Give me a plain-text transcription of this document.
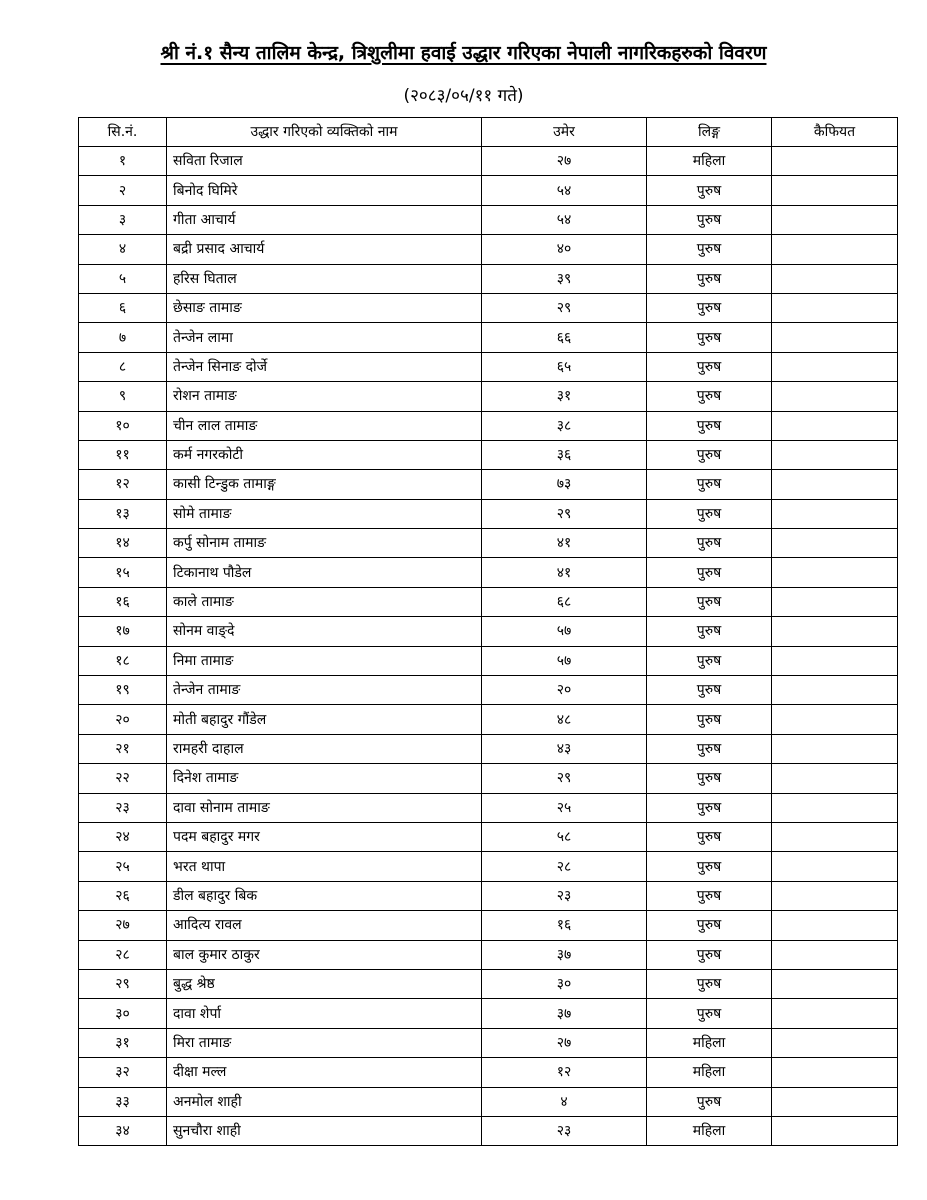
श्री नं.१ सैन्य तालिम केन्द्र, त्रिशुलीमा हवाई उद्धार गरिएका नेपाली नागरिकहरुको विवरण
(२०८३/०५/११ गते)
सि.नं.	उद्धार गरिएको व्यक्तिको नाम	उमेर	लिङ्ग	कैफियत
१	सविता रिजाल	२७	महिला	
२	बिनोद घिमिरे	५४	पुरुष	
३	गीता आचार्य	५४	पुरुष	
४	बद्री प्रसाद आचार्य	४०	पुरुष	
५	हरिस घिताल	३९	पुरुष	
६	छेसाङ तामाङ	२९	पुरुष	
७	तेन्जेन लामा	६६	पुरुष	
८	तेन्जेन सिनाङ दोर्जे	६५	पुरुष	
९	रोशन तामाङ	३१	पुरुष	
१०	चीन लाल तामाङ	३८	पुरुष	
११	कर्म नगरकोटी	३६	पुरुष	
१२	कासी टिन्डुक तामाङ्ग	७३	पुरुष	
१३	सोमे तामाङ	२९	पुरुष	
१४	कर्पु सोनाम तामाङ	४१	पुरुष	
१५	टिकानाथ पौडेल	४१	पुरुष	
१६	काले तामाङ	६८	पुरुष	
१७	सोनम वाङ्दे	५७	पुरुष	
१८	निमा तामाङ	५७	पुरुष	
१९	तेन्जेन तामाङ	२०	पुरुष	
२०	मोती बहादुर गौंडेल	४८	पुरुष	
२१	रामहरी दाहाल	४३	पुरुष	
२२	दिनेश तामाङ	२९	पुरुष	
२३	दावा सोनाम तामाङ	२५	पुरुष	
२४	पदम बहादुर मगर	५८	पुरुष	
२५	भरत थापा	२८	पुरुष	
२६	डील बहादुर बिक	२३	पुरुष	
२७	आदित्य रावल	१६	पुरुष	
२८	बाल कुमार ठाकुर	३७	पुरुष	
२९	बुद्ध श्रेष्ठ	३०	पुरुष	
३०	दावा शेर्पा	३७	पुरुष	
३१	मिरा तामाङ	२७	महिला	
३२	दीक्षा मल्ल	१२	महिला	
३३	अनमोल शाही	४	पुरुष	
३४	सुनचौरा शाही	२३	महिला	
